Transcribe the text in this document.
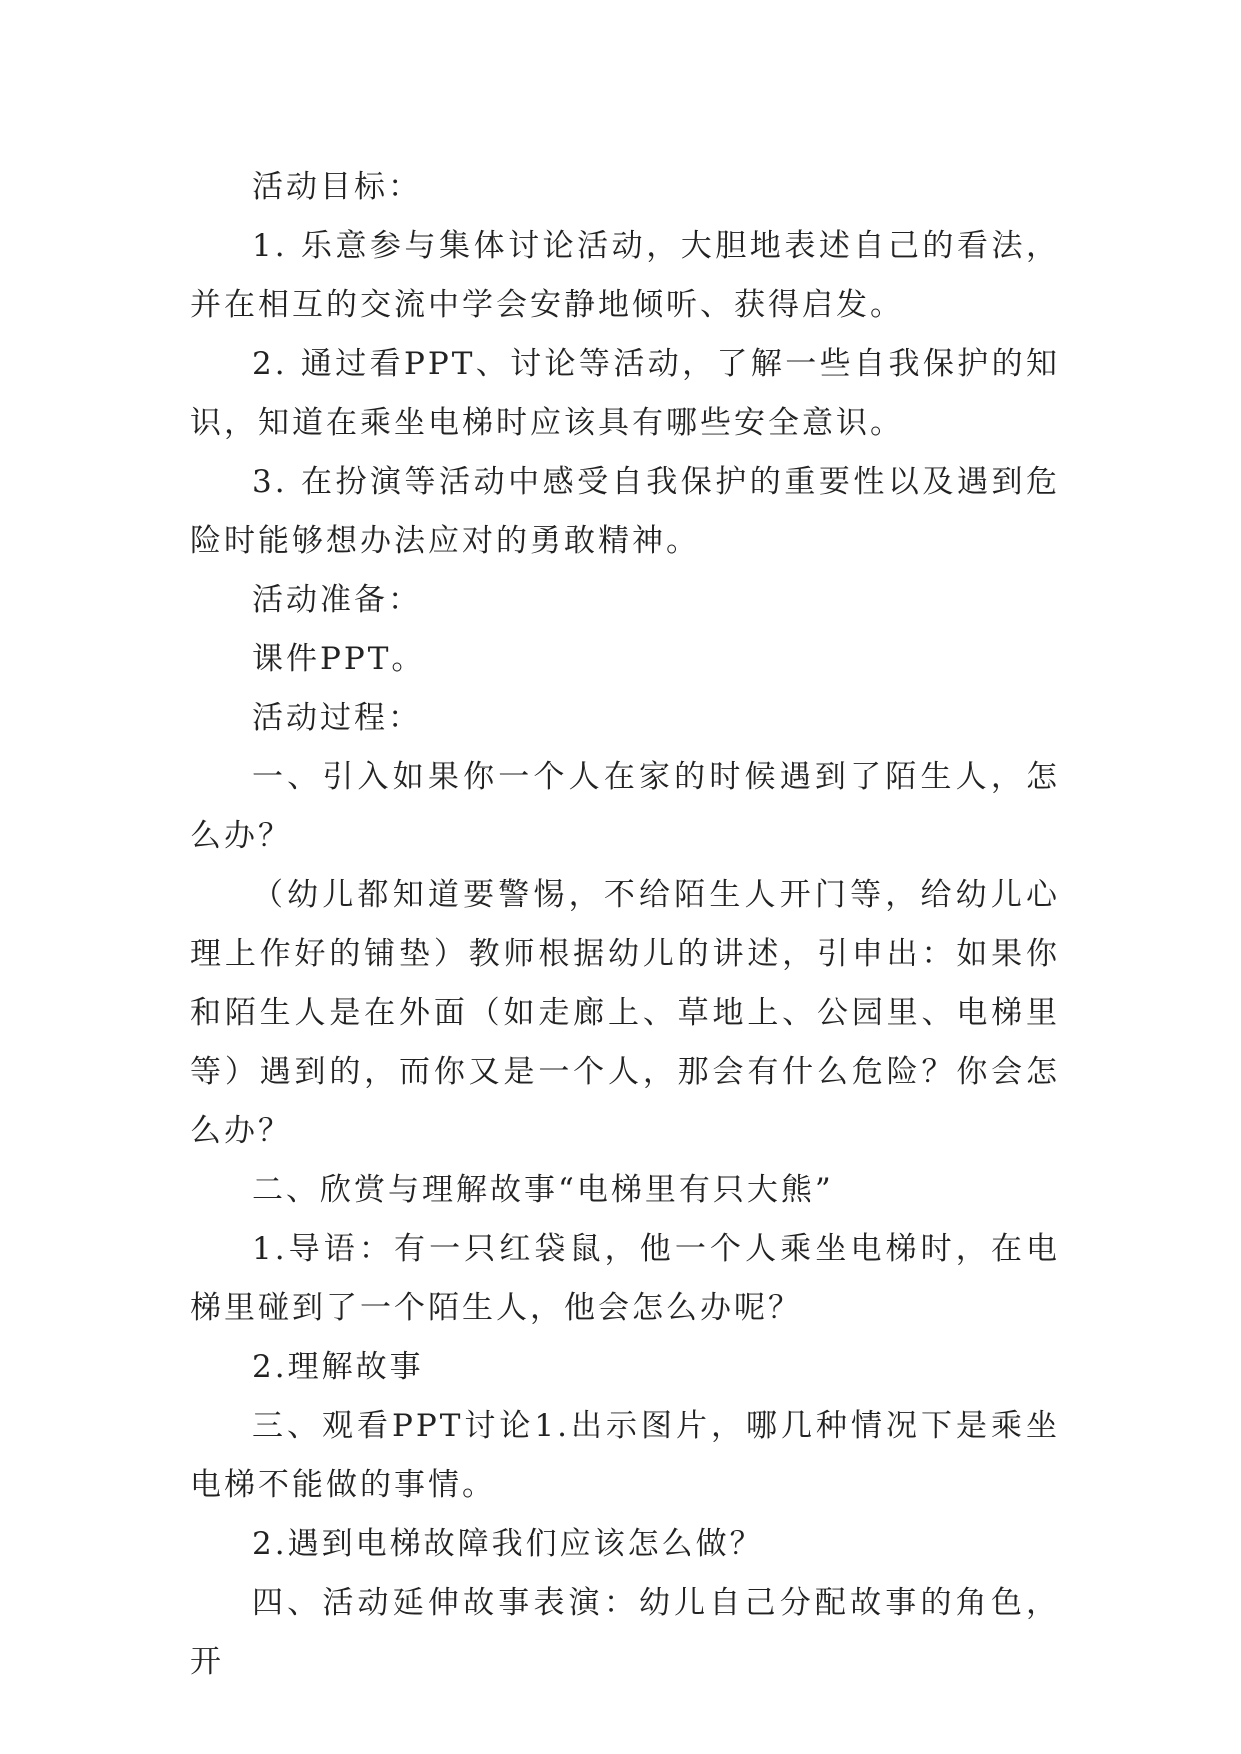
活动目标：

1. 乐意参与集体讨论活动，大胆地表述自己的看法，并在相互的交流中学会安静地倾听、获得启发。

2. 通过看PPT、讨论等活动，了解一些自我保护的知识，知道在乘坐电梯时应该具有哪些安全意识。

3. 在扮演等活动中感受自我保护的重要性以及遇到危险时能够想办法应对的勇敢精神。

活动准备：

课件PPT。

活动过程：

一、引入如果你一个人在家的时候遇到了陌生人，怎么办？

（幼儿都知道要警惕，不给陌生人开门等，给幼儿心理上作好的铺垫）教师根据幼儿的讲述，引申出：如果你和陌生人是在外面（如走廊上、草地上、公园里、电梯里等）遇到的，而你又是一个人，那会有什么危险？你会怎么办？

二、欣赏与理解故事“电梯里有只大熊”

1.导语：有一只红袋鼠，他一个人乘坐电梯时，在电梯里碰到了一个陌生人，他会怎么办呢？

2.理解故事

三、观看PPT讨论1.出示图片，哪几种情况下是乘坐电梯不能做的事情。

2.遇到电梯故障我们应该怎么做？

四、活动延伸故事表演：幼儿自己分配故事的角色，开
